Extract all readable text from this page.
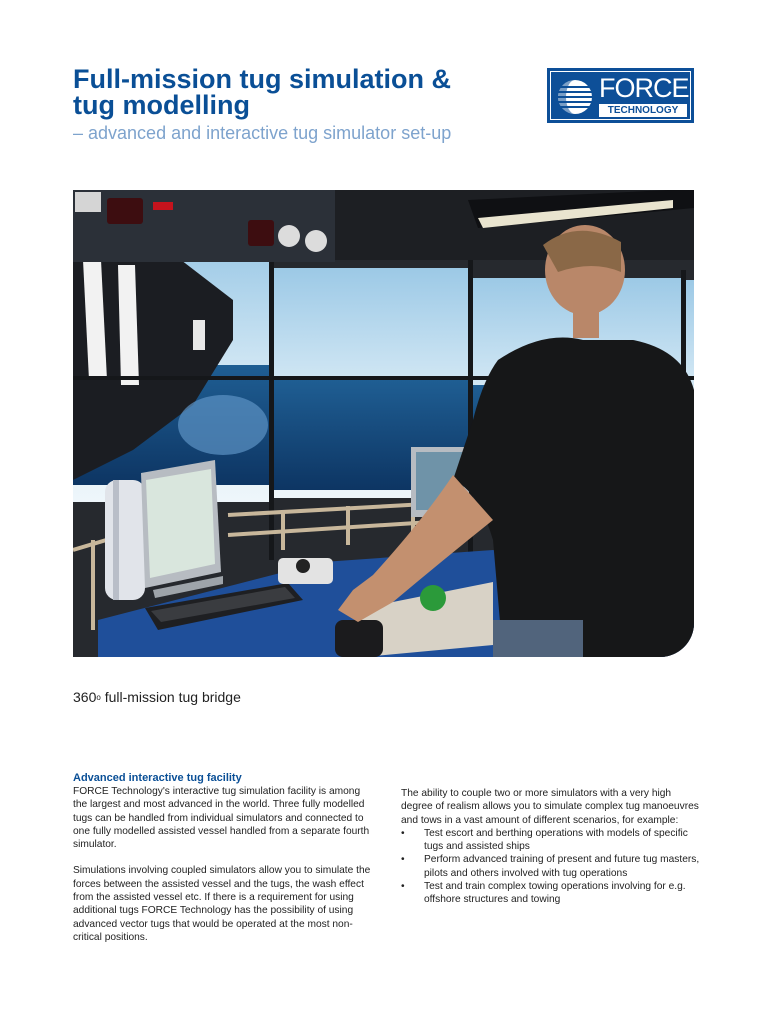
Full-mission tug simulation &
tug modelling
– advanced and interactive tug simulator set-up
FORCE
TECHNOLOGY
360$^o$ full-mission tug bridge

Advanced interactive tug facility

FORCE Technology's interactive tug simulation facility is among the largest and most advanced in the world. Three fully modelled tugs can be handled from individual simulators and connected to one fully modelled assisted vessel handled from a separate fourth simulator.

Simulations involving coupled simulators allow you to simulate the forces between the assisted vessel and the tugs, the wash effect from the assisted vessel etc. If there is a requirement for using additional tugs FORCE Technology has the possibility of using advanced vector tugs that would be operated at the most non-critical positions.

The ability to couple two or more simulators with a very high degree of realism allows you to simulate complex tug manoeuvres and tows in a vast amount of different scenarios, for example:

• Test escort and berthing operations with models of specific tugs and assisted ships
• Perform advanced training of present and future tug masters, pilots and others involved with tug operations
• Test and train complex towing operations involving for e.g. offshore structures and towing
